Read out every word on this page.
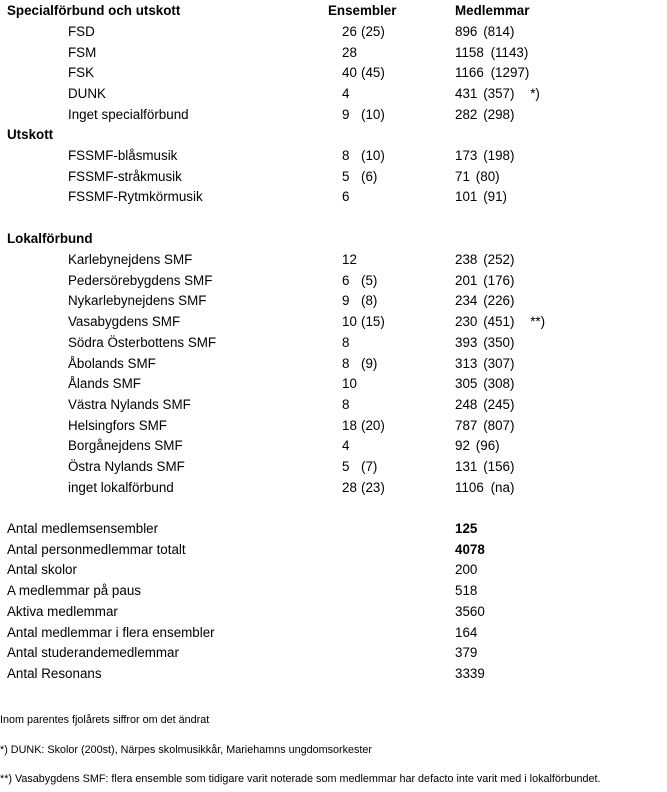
Specialförbund och utskott	Ensembler	Medlemmar
FSD	26 (25)	896 (814)
FSM	28	1158 (1143)
FSK	40 (45)	1166 (1297)
DUNK	4	431 (357) *)
Inget specialförbund	9 (10)	282 (298)
Utskott
FSSMF-blåsmusik	8 (10)	173 (198)
FSSMF-stråkmusik	5 (6)	71 (80)
FSSMF-Rytmkörmusik	6	101 (91)
Lokalförbund
Karlebynejdens SMF	12	238 (252)
Pedersörebygdens SMF	6 (5)	201 (176)
Nykarlebynejdens SMF	9 (8)	234 (226)
Vasabygdens SMF	10 (15)	230 (451) **)
Södra Österbottens SMF	8	393 (350)
Åbolands SMF	8 (9)	313 (307)
Ålands SMF	10	305 (308)
Västra Nylands SMF	8	248 (245)
Helsingfors SMF	18 (20)	787 (807)
Borgånejdens SMF	4	92 (96)
Östra Nylands SMF	5 (7)	131 (156)
inget lokalförbund	28 (23)	1106 (na)
Antal medlemsensembler	125
Antal personmedlemmar totalt	4078
Antal skolor	200
A medlemmar på paus	518
Aktiva medlemmar	3560
Antal medlemmar i flera ensembler	164
Antal studerandemedlemmar	379
Antal Resonans	3339
Inom parentes fjolårets siffror om det ändrat
*) DUNK: Skolor (200st), Närpes skolmusikkår, Mariehamns ungdomsorkester
**) Vasabygdens SMF: flera ensemble som tidigare varit noterade som medlemmar har defacto inte varit med i lokalförbundet.
